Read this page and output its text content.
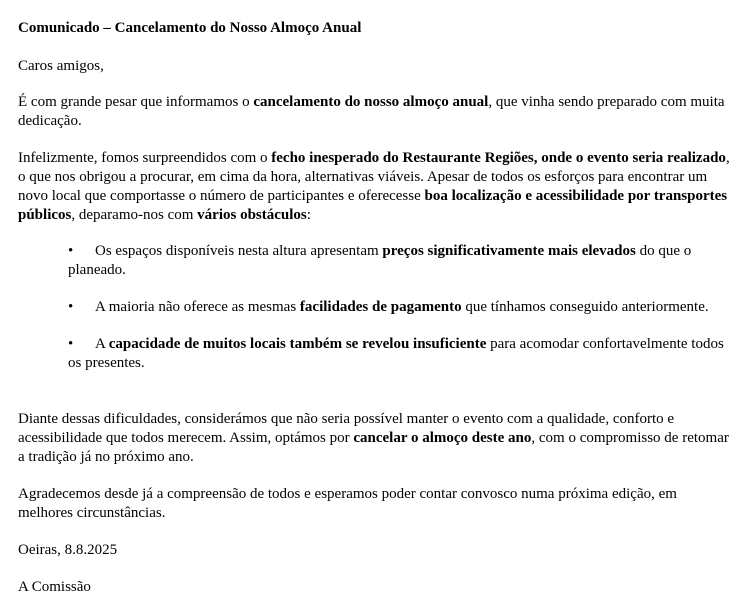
Comunicado – Cancelamento do Nosso Almoço Anual

Caros amigos,

É com grande pesar que informamos o cancelamento do nosso almoço anual, que vinha sendo preparado com muita dedicação.

Infelizmente, fomos surpreendidos com o fecho inesperado do Restaurante Regiões, onde o evento seria realizado, o que nos obrigou a procurar, em cima da hora, alternativas viáveis. Apesar de todos os esforços para encontrar um novo local que comportasse o número de participantes e oferecesse boa localização e acessibilidade por transportes públicos, deparamo-nos com vários obstáculos:

• Os espaços disponíveis nesta altura apresentam preços significativamente mais elevados do que o planeado.
• A maioria não oferece as mesmas facilidades de pagamento que tínhamos conseguido anteriormente.
• A capacidade de muitos locais também se revelou insuficiente para acomodar confortavelmente todos os presentes.

Diante dessas dificuldades, considerámos que não seria possível manter o evento com a qualidade, conforto e acessibilidade que todos merecem. Assim, optámos por cancelar o almoço deste ano, com o compromisso de retomar a tradição já no próximo ano.

Agradecemos desde já a compreensão de todos e esperamos poder contar convosco numa próxima edição, em melhores circunstâncias.

Oeiras, 8.8.2025

A Comissão
